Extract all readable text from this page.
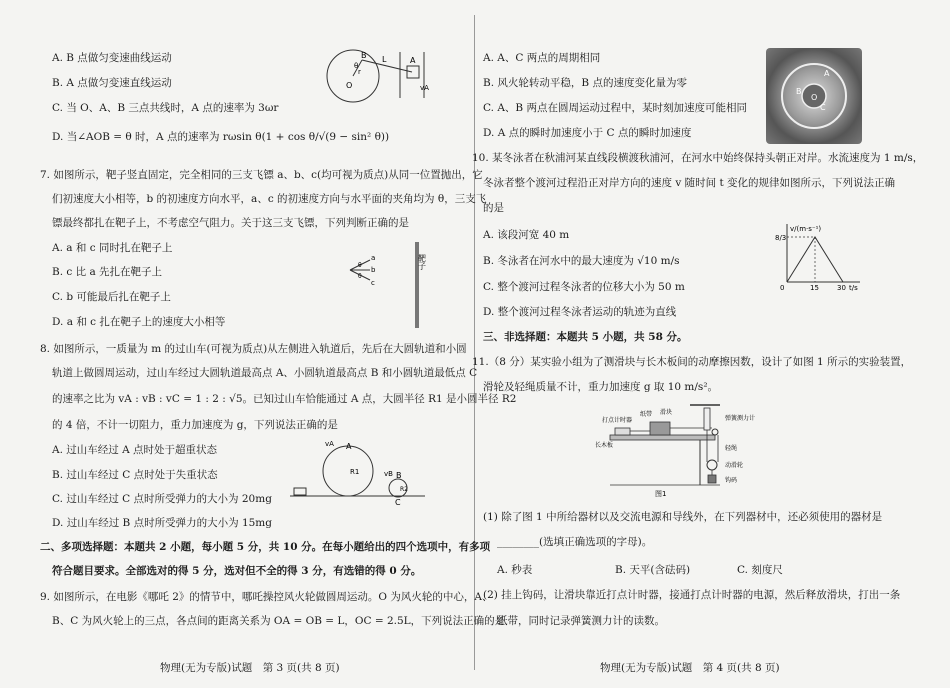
A. B 点做匀变速曲线运动
B. A 点做匀变速直线运动
C. 当 O、A、B 三点共线时，A 点的速率为 3ωr
D. 当∠AOB = θ 时，A 点的速率为 rωsin θ(1 + cos θ/√(9 − sin² θ))
O
B
A
L
θ
r
vA
7. 如图所示，靶子竖直固定，完全相同的三支飞镖 a、b、c(均可视为质点)从同一位置抛出，它
们初速度大小相等，b 的初速度方向水平，a、c 的初速度方向与水平面的夹角均为 θ，三支飞
镖最终都扎在靶子上，不考虑空气阻力。关于这三支飞镖，下列判断正确的是
A. a 和 c 同时扎在靶子上
B. c 比 a 先扎在靶子上
C. b 可能最后扎在靶子上
D. a 和 c 扎在靶子上的速度大小相等
a
b
c
θ
θ
靶子
8. 如图所示，一质量为 m 的过山车(可视为质点)从左侧进入轨道后，先后在大圆轨道和小圆
轨道上做圆周运动，过山车经过大圆轨道最高点 A、小圆轨道最高点 B 和小圆轨道最低点 C
的速率之比为 vA : vB : vC = 1 : 2 : √5。已知过山车恰能通过 A 点，大圆半径 R1 是小圆半径 R2
的 4 倍，不计一切阻力，重力加速度为 g，下列说法正确的是
A. 过山车经过 A 点时处于超重状态
B. 过山车经过 C 点时处于失重状态
C. 过山车经过 C 点时所受弹力的大小为 20mg
D. 过山车经过 B 点时所受弹力的大小为 15mg
vA A
R1	vB B
R2
C
二、多项选择题：本题共 2 小题，每小题 5 分，共 10 分。在每小题给出的四个选项中，有多项
符合题目要求。全部选对的得 5 分，选对但不全的得 3 分，有选错的得 0 分。
9. 如图所示，在电影《哪吒 2》的情节中，哪吒操控风火轮做圆周运动。O 为风火轮的中心，A、
B、C 为风火轮上的三点，各点间的距离关系为 OA = OB = L，OC = 2.5L，下列说法正确的是
物理(无为专版)试题　第 3 页(共 8 页)
A. A、C 两点的周期相同
B. 风火轮转动平稳，B 点的速度变化量为零
C. A、B 两点在圆周运动过程中，某时刻加速度可能相同
D. A 点的瞬时加速度小于 C 点的瞬时加速度
10. 某冬泳者在秋浦河某直线段横渡秋浦河，在河水中始终保持头朝正对岸。水流速度为 1 m/s，
冬泳者整个渡河过程沿正对岸方向的速度 v 随时间 t 变化的规律如图所示，下列说法正确
的是
A. 该段河宽 40 m
B. 冬泳者在河水中的最大速度为 √10 m/s
C. 整个渡河过程冬泳者的位移大小为 50 m
D. 整个渡河过程冬泳者运动的轨迹为直线
v/(m·s⁻¹)
8/3
0	15	30 t/s
三、非选择题：本题共 5 小题，共 58 分。
11.（8 分）某实验小组为了测滑块与长木板间的动摩擦因数，设计了如图 1 所示的实验装置，
滑轮及轻绳质量不计，重力加速度 g 取 10 m/s²。
打点计时器
纸带 滑块
弹簧测力计
长木板	轻绳
动滑轮
钩码
图1
(1) 除了图 1 中所给器材以及交流电源和导线外，在下列器材中，还必须使用的器材是
________(选填正确选项的字母)。
A. 秒表	B. 天平(含砝码)	C. 刻度尺
(2) 挂上钩码，让滑块靠近打点计时器，接通打点计时器的电源，然后释放滑块，打出一条
纸带，同时记录弹簧测力计的读数。
物理(无为专版)试题　第 4 页(共 8 页)
A
B
C
O
